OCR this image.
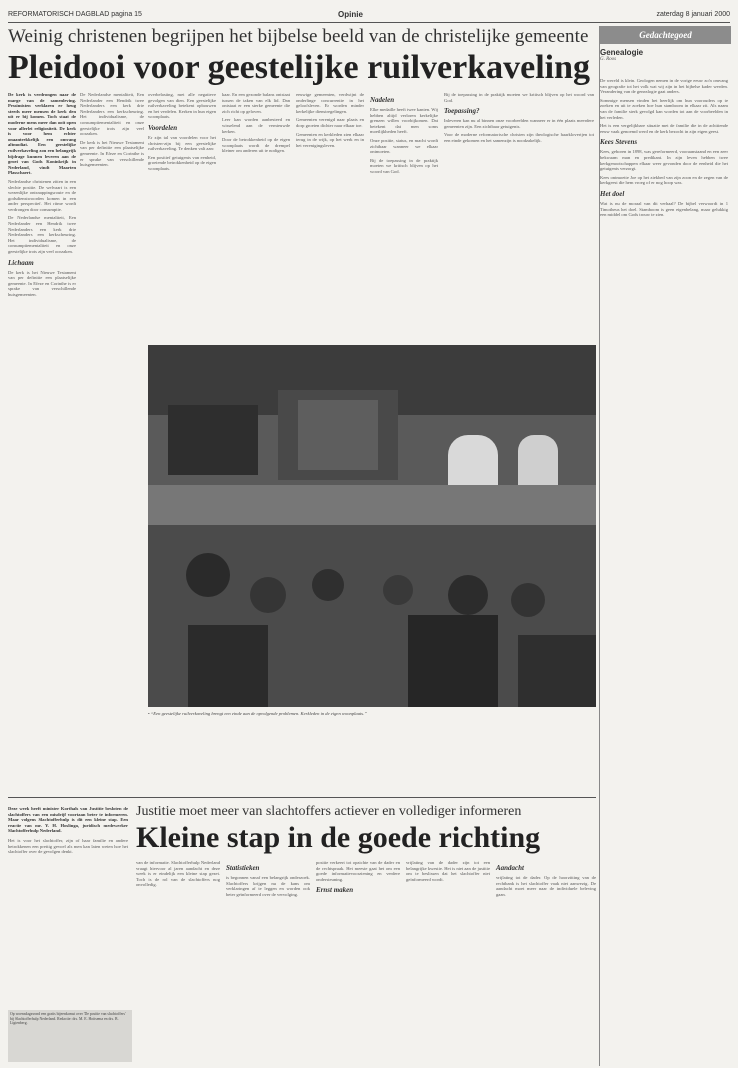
REFORMATORISCH DAGBLAD pagina 15	Opinie	zaterdag 8 januari 2000
Weinig christenen begrijpen het bijbelse beeld van de christelijke gemeente
Pleidooi voor geestelijke ruilverkaveling

De kerk is verdrongen naar de marge van de samenleving. Pessimisten verklaren er heug steeds meer mensen de kerk den uit er bij komen. Toch staat de moderne mens meer dan ooit open voor allerlei religiositeit. De kerk is voor hem echter onaantrekkelijk een omvang altmodiat. Een geestelijke ruilverkaveling zou een belangrijk bijdrage kunnen leveren aan de groei van Gods Koninkrijk in Nederland, vindt Maarten Plasschaert.

Nederlandse christenen zitten in een slechte positie. De welvaart is een wezenlijke ontsnappingsroute en de godsdienstwoorden komen in een ander perspectief. Het ritme wordt verdrongen door consumptie.

De Nederlandse mentaliteit, Een Nederlander een Hendrik twee Nederlanders een kerk drie Nederlanders een kerkscheuring. Het individualisme, de consumptiementaliteit en onze geestelijke trots zijn veel oorzaken.

Lichaam

De kerk is het Nieuwe Testament van per definitie een plaatselijke gemeente. In Efeze en Corinthe is er sprake van verschillende huisgemeenten.

De Nederlandse mentaliteit, Een Nederlander een Hendrik twee Nederlanders een kerk drie Nederlanders een kerkscheuring. Het individualisme, de consumptiementaliteit en onze geestelijke trots zijn veel oorzaken.

De kerk is het Nieuwe Testament van per definitie een plaatselijke gemeente. In Efeze en Corinthe is er sprake van verschillende huisgemeenten.

overbelasting, met alle negatieve gevolgen van dien. Een geestelijke ruilverkaveling betekent opbouwen en het verdelen. Kerken in hun eigen woonplaats.

Voordelen

Er zijn tal van voordelen voor het christen-zijn bij een geestelijke ruilverkaveling. Te denken valt aan:

Een positief getuigenis van eenheid, groeiende betrokkenheid op de eigen woonplaats.

kaar. En een gezonde balans ontstaat tussen de taken van elk lid. Dan ontstaat er een sterke gemeente die zich richt op geloven.

Leer kan worden aanbesteed en wisselend aan de vernieuwde kerken.

Door de betrokkenheid op de eigen woonplaats wordt de drempel kleiner om anderen uit te nodigen.

eeuwige gemeenten, verdwijnt de onderlinge concurrentie in het geloofsleven. Er worden minder kerkelijke dienstregelingen.

Gemeenten verenigd naar plaats en dorp groeien dichter naar elkaar toe.

Gemeenten en kerkleden zien elkaar terug in de wijk, op het werk en in het verenigingsleven.

Nadelen

Elke medaille heeft twee kanten. Wij hebben altijd verloren kerkelijke grenzen willen voorbijkomen. Dat betekent dat men soms moeilijkheden heeft.

Onze positie, status, en macht wordt zichtbaar wanneer we elkaar ontmoeten.

Bij de toepassing in de praktijk moeten we kritisch blijven op het woord van God.

Bij de toepassing in de praktijk moeten we kritisch blijven op het woord van God.

Toepassing?

Inleveren kan nu al binnen onze voorbeelden wanneer er in één plaats meerdere gemeenten zijn. Een zichtbaar getuigenis.

Voor de moderne reformatorische christen zijn theologische haarkloverijen tot een einde gekomen en het samenzijn is noodzakelijk.

• “Een geestelijke ruilverkaveling brengt een einde aan de opvolgende problemen. Kerkleden in de eigen woonplaats.”
Gedachtegoed
Genealogie
G. Roos

De wereld is klein. Geologen nemen in de vorige eeuw zo'n omvang van geografie tot het volk wat wij zijn in het bijbelse kader werden. Verandering van de genealogie gaat anders.

Sommige mensen vinden het heerlijk om hun voorouders op te zoeken en uit te zoeken hoe hun stamboom in elkaar zit. Als naam van de familie sterk gevolgd kan worden tot aan de voorbeelden in het verleden.

Het is een vergelijkbare situatie met de familie die in de achttiende eeuw vaak genoemd werd en de kerk bezocht in zijn eigen geest.

Kees Stevens

Kees, geboren in 1898, was gereformeerd, vooraanstaand en een zeer bekwaam man en predikant. In zijn leven hebben twee kerkgenootschappen elkaar weer gevonden door de eenheid die het getuigenis verzorgt.

Kees ontmoette Joe op het ziekbed van zijn zoon en de zegen van de kerkgeest die hem vroeg of er nog hoop was.

Het doel

Wat is nu de moraal van dit verhaal? De bijbel verwoordt in 1 Timotheus het doel. Stamboom is geen eigenbelang, maar gelukkig een middel om Gods trouw te zien.

Justitie moet meer van slachtoffers actiever en vollediger informeren
Kleine stap in de goede richting
Deze week heeft minister Korthals van Justitie besloten de slachtoffers van een misdrijf voortaan beter te informeren. Maar volgens Slachtofferhulp is dit een kleine stap. Een reactie van mr. Y. H. Hoslinga, juridisch medewerker Slachtofferhulp Nederland.
Het is voor het slachtoffer, zijn of haar familie en andere betrokkenen een prettig gevoel als men kan laten weten hoe het slachtoffer over de gevolgen denkt.
Op woensdagavond een gratis bijeenkomst over 'De positie van slachtoffers' bij Slachtofferhulp Nederland. Redactie: drs. M. E. Hoitsema en drs. B. Ligtenberg.

van de informatie. Slachtofferhulp Nederland vraagt hiervoor al jaren aandacht en deze week is er eindelijk een kleine stap gezet. Toch is de rol van de slachtoffers nog onvolledig.

Statistieken

is begonnen vanaf een belangrijk onderzoek. Slachtoffers krijgen nu de kans om verklaringen af te leggen en worden ook beter geïnformeerd over de vervolging.

positie verkeert tot opzichte van de dader en de rechtspraak. Het meeste gaat het om een goede informatievoorziening en verdere ondersteuning.

Ernst maken

vrijlating van de dader zijn tot een belangrijke kwestie. Het is niet aan de justitie om te beslissen dat het slachtoffer niet geïnformeerd wordt.

Aandacht

vrijlating tot de dader. Op de hoorzitting van de rechtbank is het slachtoffer vaak niet aanwezig. De aandacht moet meer naar de individuele beleving gaan.
